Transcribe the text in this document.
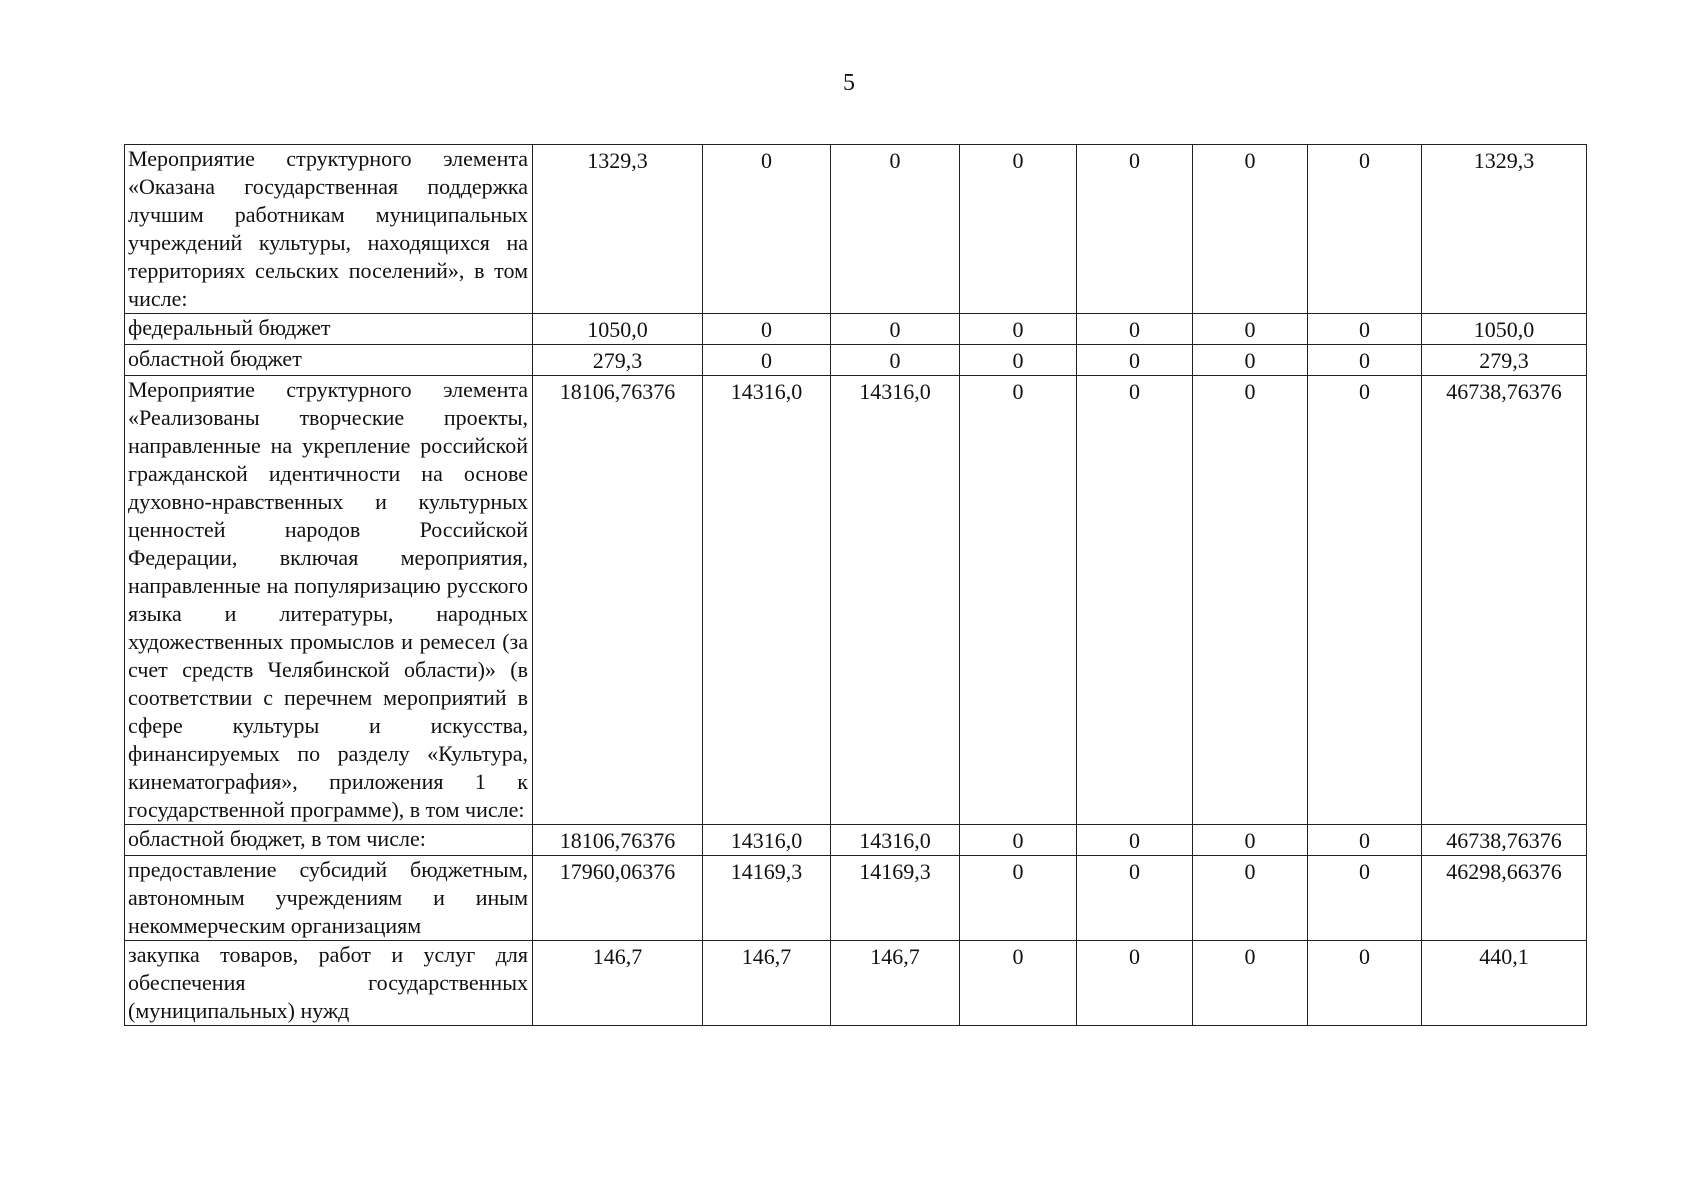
5
Мероприятие структурного элемента «Оказана государственная поддержка лучшим работникам муниципальных учреждений культуры, находящихся на территориях сельских поселений», в том числе:	1329,3	0	0	0	0	0	0	1329,3
федеральный бюджет	1050,0	0	0	0	0	0	0	1050,0
областной бюджет	279,3	0	0	0	0	0	0	279,3
Мероприятие структурного элемента «Реализованы творческие проекты, направленные на укрепление российской гражданской идентичности на основе духовно-нравственных и культурных ценностей народов Российской Федерации, включая мероприятия, направленные на популяризацию русского языка и литературы, народных художественных промыслов и ремесел (за счет средств Челябинской области)» (в соответствии с перечнем мероприятий в сфере культуры и искусства, финансируемых по разделу «Культура, кинематография», приложения 1 к государственной программе), в том числе:	18106,76376	14316,0	14316,0	0	0	0	0	46738,76376
областной бюджет, в том числе:	18106,76376	14316,0	14316,0	0	0	0	0	46738,76376
предоставление субсидий бюджетным, автономным учреждениям и иным некоммерческим организациям	17960,06376	14169,3	14169,3	0	0	0	0	46298,66376
закупка товаров, работ и услуг для обеспечения государственных (муниципальных) нужд	146,7	146,7	146,7	0	0	0	0	440,1
